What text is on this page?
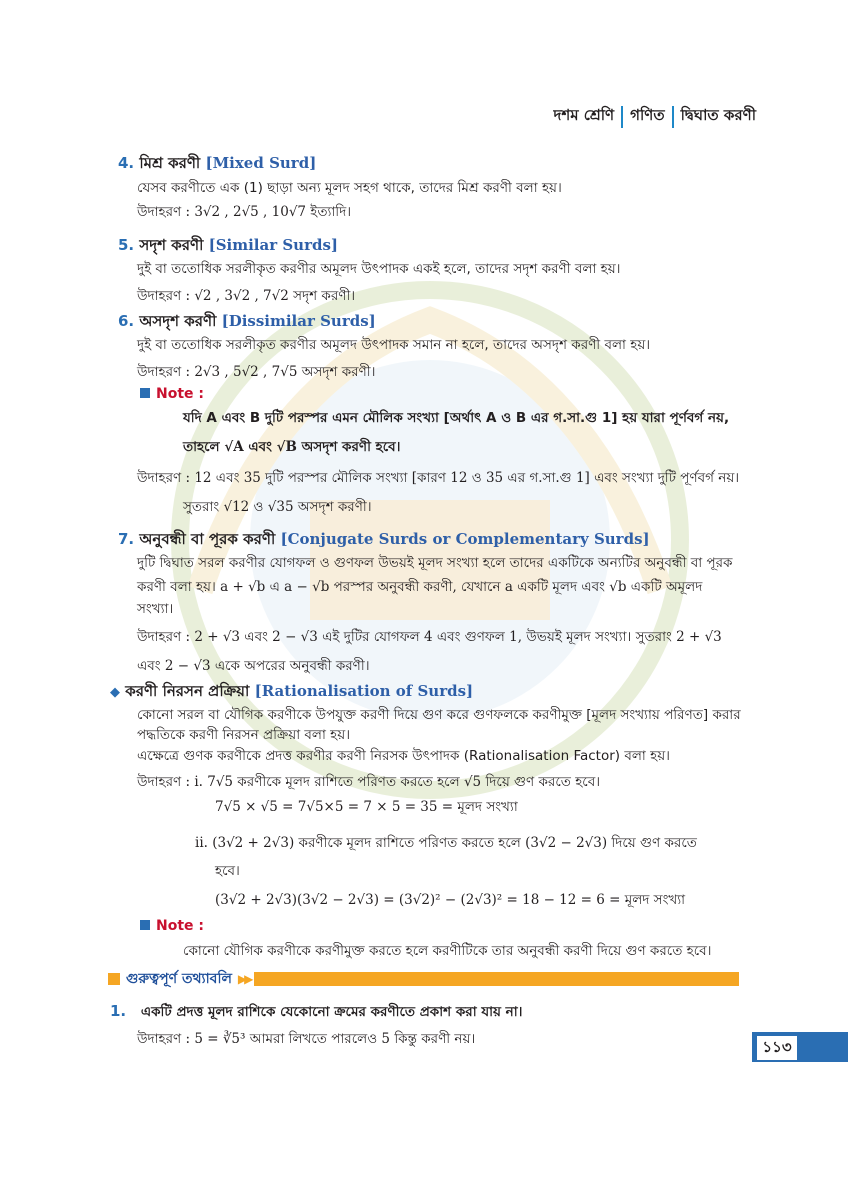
দশম শ্রেণি গণিত দ্বিঘাত করণী
4. মিশ্র করণী [Mixed Surd]
যেসব করণীতে এক (1) ছাড়া অন্য মূলদ সহগ থাকে, তাদের মিশ্র করণী বলা হয়।
উদাহরণ : 3√2 , 2√5 , 10√7 ইত্যাদি।
5. সদৃশ করণী [Similar Surds]
দুই বা ততোধিক সরলীকৃত করণীর অমূলদ উৎপাদক একই হলে, তাদের সদৃশ করণী বলা হয়।
উদাহরণ : √2 , 3√2 , 7√2 সদৃশ করণী।
6. অসদৃশ করণী [Dissimilar Surds]
দুই বা ততোধিক সরলীকৃত করণীর অমূলদ উৎপাদক সমান না হলে, তাদের অসদৃশ করণী বলা হয়।
উদাহরণ : 2√3 , 5√2 , 7√5 অসদৃশ করণী।
Note :
যদি A এবং B দুটি পরস্পর এমন মৌলিক সংখ্যা [অর্থাৎ A ও B এর গ.সা.গু 1] হয় যারা পূর্ণবর্গ নয়,
তাহলে √A এবং √B অসদৃশ করণী হবে।
উদাহরণ : 12 এবং 35 দুটি পরস্পর মৌলিক সংখ্যা [কারণ 12 ও 35 এর গ.সা.গু 1] এবং সংখ্যা দুটি পূর্ণবর্গ নয়।
সুতরাং √12 ও √35 অসদৃশ করণী।
7. অনুবন্ধী বা পূরক করণী [Conjugate Surds or Complementary Surds]
দুটি দ্বিঘাত সরল করণীর যোগফল ও গুণফল উভয়ই মূলদ সংখ্যা হলে তাদের একটিকে অন্যটির অনুবন্ধী বা পূরক
করণী বলা হয়। a + √b এ a − √b পরস্পর অনুবন্ধী করণী, যেখানে a একটি মূলদ এবং √b একটি অমূলদ
সংখ্যা।
উদাহরণ : 2 + √3 এবং 2 − √3 এই দুটির যোগফল 4 এবং গুণফল 1, উভয়ই মূলদ সংখ্যা। সুতরাং 2 + √3
এবং 2 − √3 একে অপরের অনুবন্ধী করণী।
◆ করণী নিরসন প্রক্রিয়া [Rationalisation of Surds]
কোনো সরল বা যৌগিক করণীকে উপযুক্ত করণী দিয়ে গুণ করে গুণফলকে করণীমুক্ত [মূলদ সংখ্যায় পরিণত] করার
পদ্ধতিকে করণী নিরসন প্রক্রিয়া বলা হয়।
এক্ষেত্রে গুণক করণীকে প্রদত্ত করণীর করণী নিরসক উৎপাদক (Rationalisation Factor) বলা হয়।
উদাহরণ : i. 7√5 করণীকে মূলদ রাশিতে পরিণত করতে হলে √5 দিয়ে গুণ করতে হবে।
7√5 × √5 = 7√5×5 = 7 × 5 = 35 = মূলদ সংখ্যা
ii. (3√2 + 2√3) করণীকে মূলদ রাশিতে পরিণত করতে হলে (3√2 − 2√3) দিয়ে গুণ করতে
হবে।
(3√2 + 2√3)(3√2 − 2√3) = (3√2)² − (2√3)² = 18 − 12 = 6 = মূলদ সংখ্যা
Note :
কোনো যৌগিক করণীকে করণীমুক্ত করতে হলে করণীটিকে তার অনুবন্ধী করণী দিয়ে গুণ করতে হবে।
গুরুত্বপূর্ণ তথ্যাবলি ▶▶
1. একটি প্রদত্ত মূলদ রাশিকে যেকোনো ক্রমের করণীতে প্রকাশ করা যায় না।
উদাহরণ : 5 = ∛5³ আমরা লিখতে পারলেও 5 কিন্তু করণী নয়।	১১৩
